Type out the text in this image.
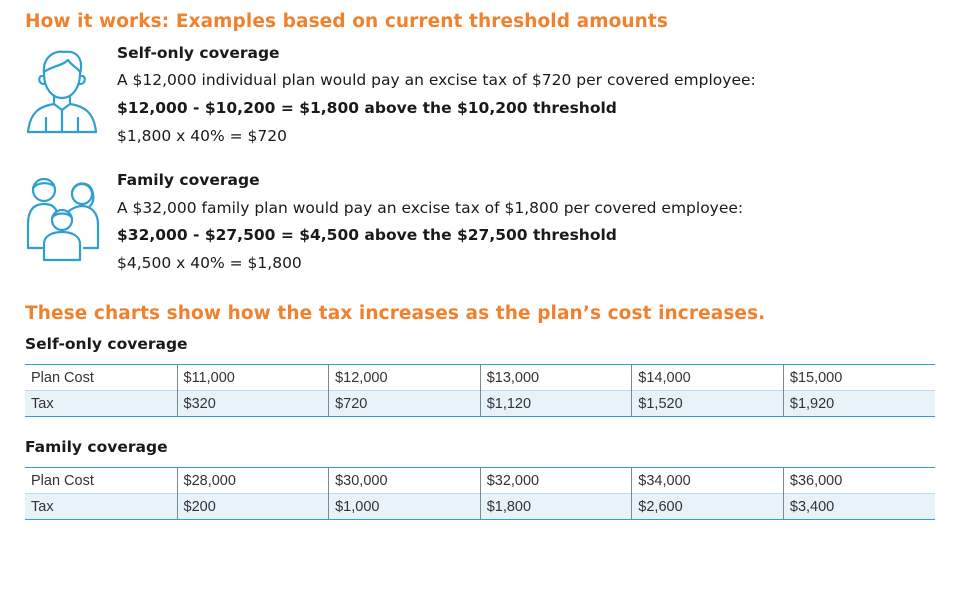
How it works: Examples based on current threshold amounts
Self-only coverage
A $12,000 individual plan would pay an excise tax of $720 per covered employee:
$12,000 - $10,200 = $1,800 above the $10,200 threshold
$1,800 x 40% = $720
Family coverage
A $32,000 family plan would pay an excise tax of $1,800 per covered employee:
$32,000 - $27,500 = $4,500 above the $27,500 threshold
$4,500 x 40% = $1,800
These charts show how the tax increases as the plan’s cost increases.
Self-only coverage
Plan Cost	$11,000	$12,000	$13,000	$14,000	$15,000
Tax	$320	$720	$1,120	$1,520	$1,920
Family coverage
Plan Cost	$28,000	$30,000	$32,000	$34,000	$36,000
Tax	$200	$1,000	$1,800	$2,600	$3,400
